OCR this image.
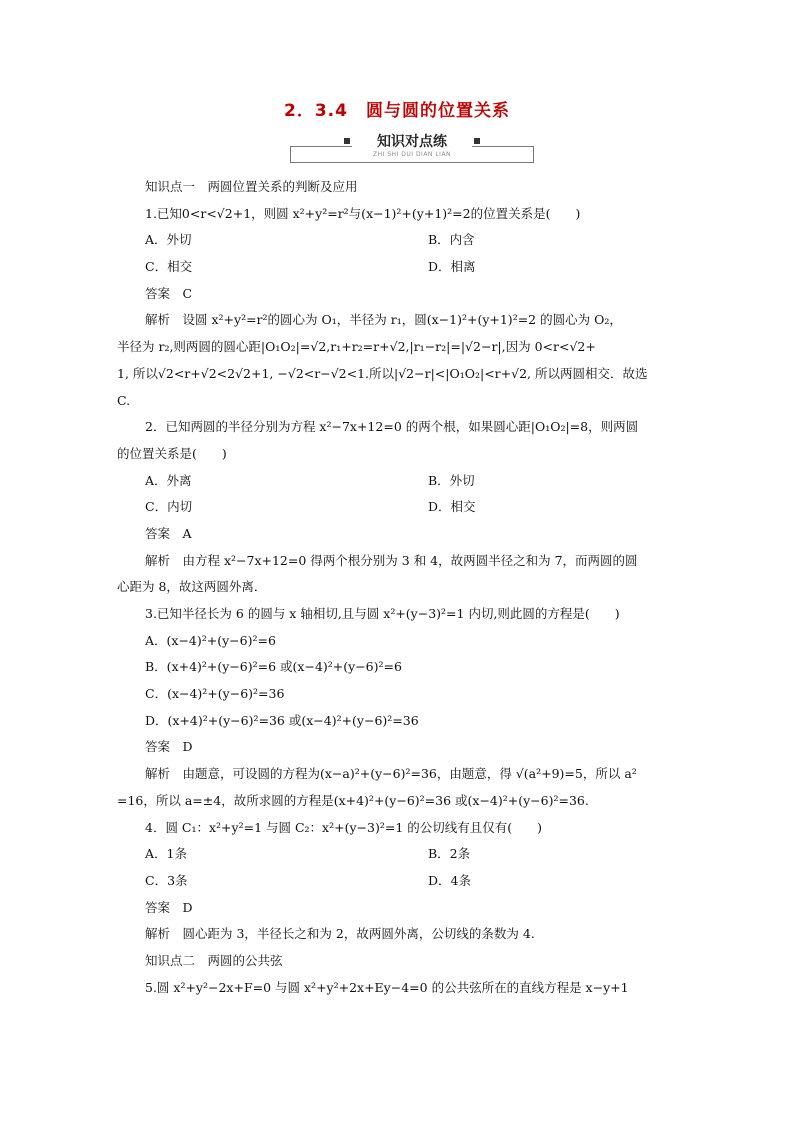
2．3.4　圆与圆的位置关系
知识对点练
ZHI SHI DUI DIAN LIAN
知识点一　两圆位置关系的判断及应用
1.已知0<r<√2+1，则圆 x²+y²=r²与(x−1)²+(y+1)²=2的位置关系是(　　)
A．外切	B．内含
C．相交	D．相离
答案　C
解析　设圆 x²+y²=r²的圆心为 O₁，半径为 r₁，圆(x−1)²+(y+1)²=2 的圆心为 O₂，
半径为 r₂,则两圆的圆心距|O₁O₂|=√2,r₁+r₂=r+√2,|r₁−r₂|=|√2−r|,因为 0<r<√2+
1, 所以√2<r+√2<2√2+1, −√2<r−√2<1.所以|√2−r|<|O₁O₂|<r+√2, 所以两圆相交．故选
C.
2．已知两圆的半径分别为方程 x²−7x+12=0 的两个根，如果圆心距|O₁O₂|=8，则两圆
的位置关系是(　　)
A．外离	B．外切
C．内切	D．相交
答案　A
解析　由方程 x²−7x+12=0 得两个根分别为 3 和 4，故两圆半径之和为 7，而两圆的圆
心距为 8，故这两圆外离．
3.已知半径长为 6 的圆与 x 轴相切,且与圆 x²+(y−3)²=1 内切,则此圆的方程是(　　)
A．(x−4)²+(y−6)²=6
B．(x+4)²+(y−6)²=6 或(x−4)²+(y−6)²=6
C．(x−4)²+(y−6)²=36
D．(x+4)²+(y−6)²=36 或(x−4)²+(y−6)²=36
答案　D
解析　由题意，可设圆的方程为(x−a)²+(y−6)²=36，由题意，得 √(a²+9)=5，所以 a²
=16，所以 a=±4，故所求圆的方程是(x+4)²+(y−6)²=36 或(x−4)²+(y−6)²=36.
4．圆 C₁：x²+y²=1 与圆 C₂：x²+(y−3)²=1 的公切线有且仅有(　　)
A．1条	B．2条
C．3条	D．4条
答案　D
解析　圆心距为 3，半径长之和为 2，故两圆外离，公切线的条数为 4.
知识点二　两圆的公共弦
5.圆 x²+y²−2x+F=0 与圆 x²+y²+2x+Ey−4=0 的公共弦所在的直线方程是 x−y+1
